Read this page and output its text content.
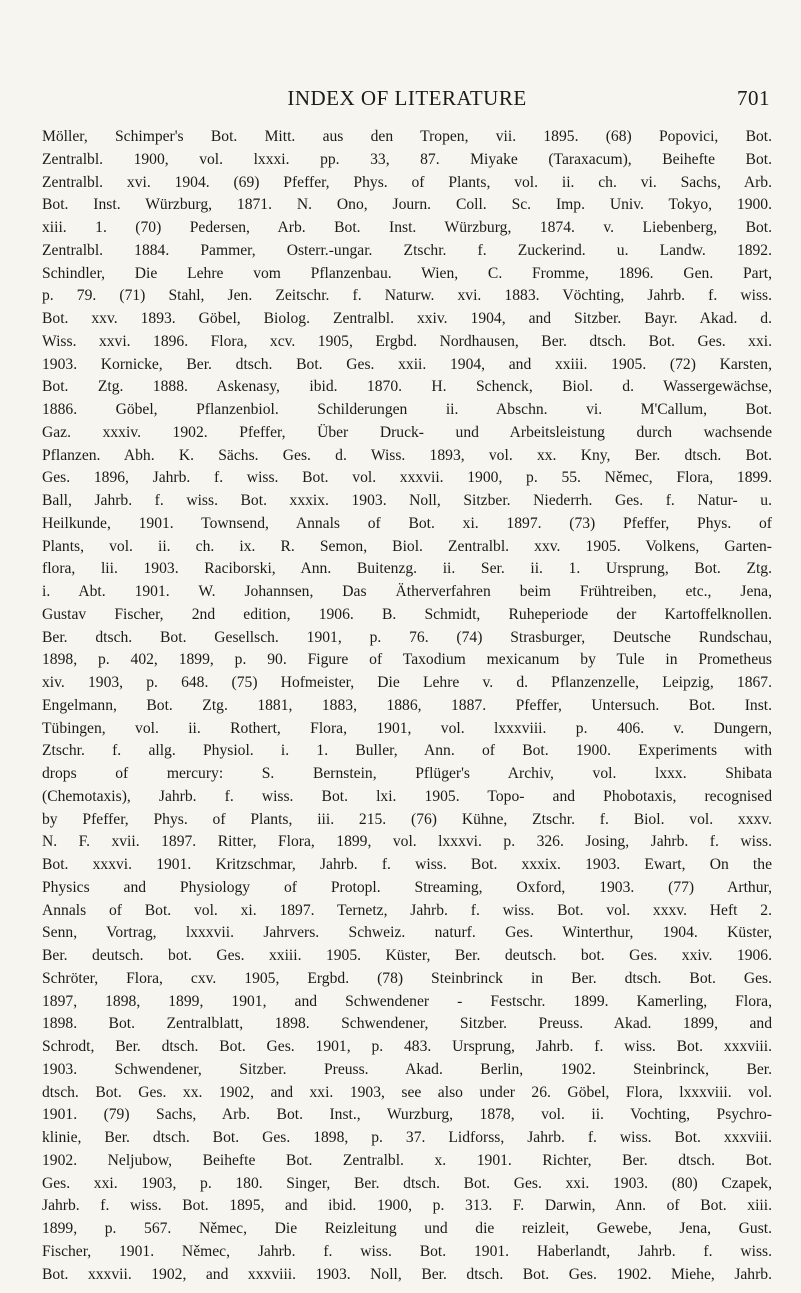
INDEX OF LITERATURE	701
Möller, Schimper's Bot. Mitt. aus den Tropen, vii. 1895. (68) Popovici, Bot.
Zentralbl. 1900, vol. lxxxi. pp. 33, 87. Miyake (Taraxacum), Beihefte Bot.
Zentralbl. xvi. 1904. (69) Pfeffer, Phys. of Plants, vol. ii. ch. vi. Sachs, Arb.
Bot. Inst. Würzburg, 1871. N. Ono, Journ. Coll. Sc. Imp. Univ. Tokyo, 1900.
xiii. 1. (70) Pedersen, Arb. Bot. Inst. Würzburg, 1874. v. Liebenberg, Bot.
Zentralbl. 1884. Pammer, Osterr.-ungar. Ztschr. f. Zuckerind. u. Landw. 1892.
Schindler, Die Lehre vom Pflanzenbau. Wien, C. Fromme, 1896. Gen. Part,
p. 79. (71) Stahl, Jen. Zeitschr. f. Naturw. xvi. 1883. Vöchting, Jahrb. f. wiss.
Bot. xxv. 1893. Göbel, Biolog. Zentralbl. xxiv. 1904, and Sitzber. Bayr. Akad. d.
Wiss. xxvi. 1896. Flora, xcv. 1905, Ergbd. Nordhausen, Ber. dtsch. Bot. Ges. xxi.
1903. Kornicke, Ber. dtsch. Bot. Ges. xxii. 1904, and xxiii. 1905. (72) Karsten,
Bot. Ztg. 1888. Askenasy, ibid. 1870. H. Schenck, Biol. d. Wassergewächse,
1886. Göbel, Pflanzenbiol. Schilderungen ii. Abschn. vi. M'Callum, Bot.
Gaz. xxxiv. 1902. Pfeffer, Über Druck- und Arbeitsleistung durch wachsende
Pflanzen. Abh. K. Sächs. Ges. d. Wiss. 1893, vol. xx. Kny, Ber. dtsch. Bot.
Ges. 1896, Jahrb. f. wiss. Bot. vol. xxxvii. 1900, p. 55. Němec, Flora, 1899.
Ball, Jahrb. f. wiss. Bot. xxxix. 1903. Noll, Sitzber. Niederrh. Ges. f. Natur- u.
Heilkunde, 1901. Townsend, Annals of Bot. xi. 1897. (73) Pfeffer, Phys. of
Plants, vol. ii. ch. ix. R. Semon, Biol. Zentralbl. xxv. 1905. Volkens, Garten-
flora, lii. 1903. Raciborski, Ann. Buitenzg. ii. Ser. ii. 1. Ursprung, Bot. Ztg.
i. Abt. 1901. W. Johannsen, Das Ätherverfahren beim Frühtreiben, etc., Jena,
Gustav Fischer, 2nd edition, 1906. B. Schmidt, Ruheperiode der Kartoffelknollen.
Ber. dtsch. Bot. Gesellsch. 1901, p. 76. (74) Strasburger, Deutsche Rundschau,
1898, p. 402, 1899, p. 90. Figure of Taxodium mexicanum by Tule in Prometheus
xiv. 1903, p. 648. (75) Hofmeister, Die Lehre v. d. Pflanzenzelle, Leipzig, 1867.
Engelmann, Bot. Ztg. 1881, 1883, 1886, 1887. Pfeffer, Untersuch. Bot. Inst.
Tübingen, vol. ii. Rothert, Flora, 1901, vol. lxxxviii. p. 406. v. Dungern,
Ztschr. f. allg. Physiol. i. 1. Buller, Ann. of Bot. 1900. Experiments with
drops of mercury: S. Bernstein, Pflüger's Archiv, vol. lxxx. Shibata
(Chemotaxis), Jahrb. f. wiss. Bot. lxi. 1905. Topo- and Phobotaxis, recognised
by Pfeffer, Phys. of Plants, iii. 215. (76) Kühne, Ztschr. f. Biol. vol. xxxv.
N. F. xvii. 1897. Ritter, Flora, 1899, vol. lxxxvi. p. 326. Josing, Jahrb. f. wiss.
Bot. xxxvi. 1901. Kritzschmar, Jahrb. f. wiss. Bot. xxxix. 1903. Ewart, On the
Physics and Physiology of Protopl. Streaming, Oxford, 1903. (77) Arthur,
Annals of Bot. vol. xi. 1897. Ternetz, Jahrb. f. wiss. Bot. vol. xxxv. Heft 2.
Senn, Vortrag, lxxxvii. Jahrvers. Schweiz. naturf. Ges. Winterthur, 1904. Küster,
Ber. deutsch. bot. Ges. xxiii. 1905. Küster, Ber. deutsch. bot. Ges. xxiv. 1906.
Schröter, Flora, cxv. 1905, Ergbd. (78) Steinbrinck in Ber. dtsch. Bot. Ges.
1897, 1898, 1899, 1901, and Schwendener - Festschr. 1899. Kamerling, Flora,
1898. Bot. Zentralblatt, 1898. Schwendener, Sitzber. Preuss. Akad. 1899, and
Schrodt, Ber. dtsch. Bot. Ges. 1901, p. 483. Ursprung, Jahrb. f. wiss. Bot. xxxviii.
1903. Schwendener, Sitzber. Preuss. Akad. Berlin, 1902. Steinbrinck, Ber.
dtsch. Bot. Ges. xx. 1902, and xxi. 1903, see also under 26. Göbel, Flora, lxxxviii. vol.
1901. (79) Sachs, Arb. Bot. Inst., Wurzburg, 1878, vol. ii. Vochting, Psychro-
klinie, Ber. dtsch. Bot. Ges. 1898, p. 37. Lidforss, Jahrb. f. wiss. Bot. xxxviii.
1902. Neljubow, Beihefte Bot. Zentralbl. x. 1901. Richter, Ber. dtsch. Bot.
Ges. xxi. 1903, p. 180. Singer, Ber. dtsch. Bot. Ges. xxi. 1903. (80) Czapek,
Jahrb. f. wiss. Bot. 1895, and ibid. 1900, p. 313. F. Darwin, Ann. of Bot. xiii.
1899, p. 567. Němec, Die Reizleitung und die reizleit, Gewebe, Jena, Gust.
Fischer, 1901. Němec, Jahrb. f. wiss. Bot. 1901. Haberlandt, Jahrb. f. wiss.
Bot. xxxvii. 1902, and xxxviii. 1903. Noll, Ber. dtsch. Bot. Ges. 1902. Miehe, Jahrb.
